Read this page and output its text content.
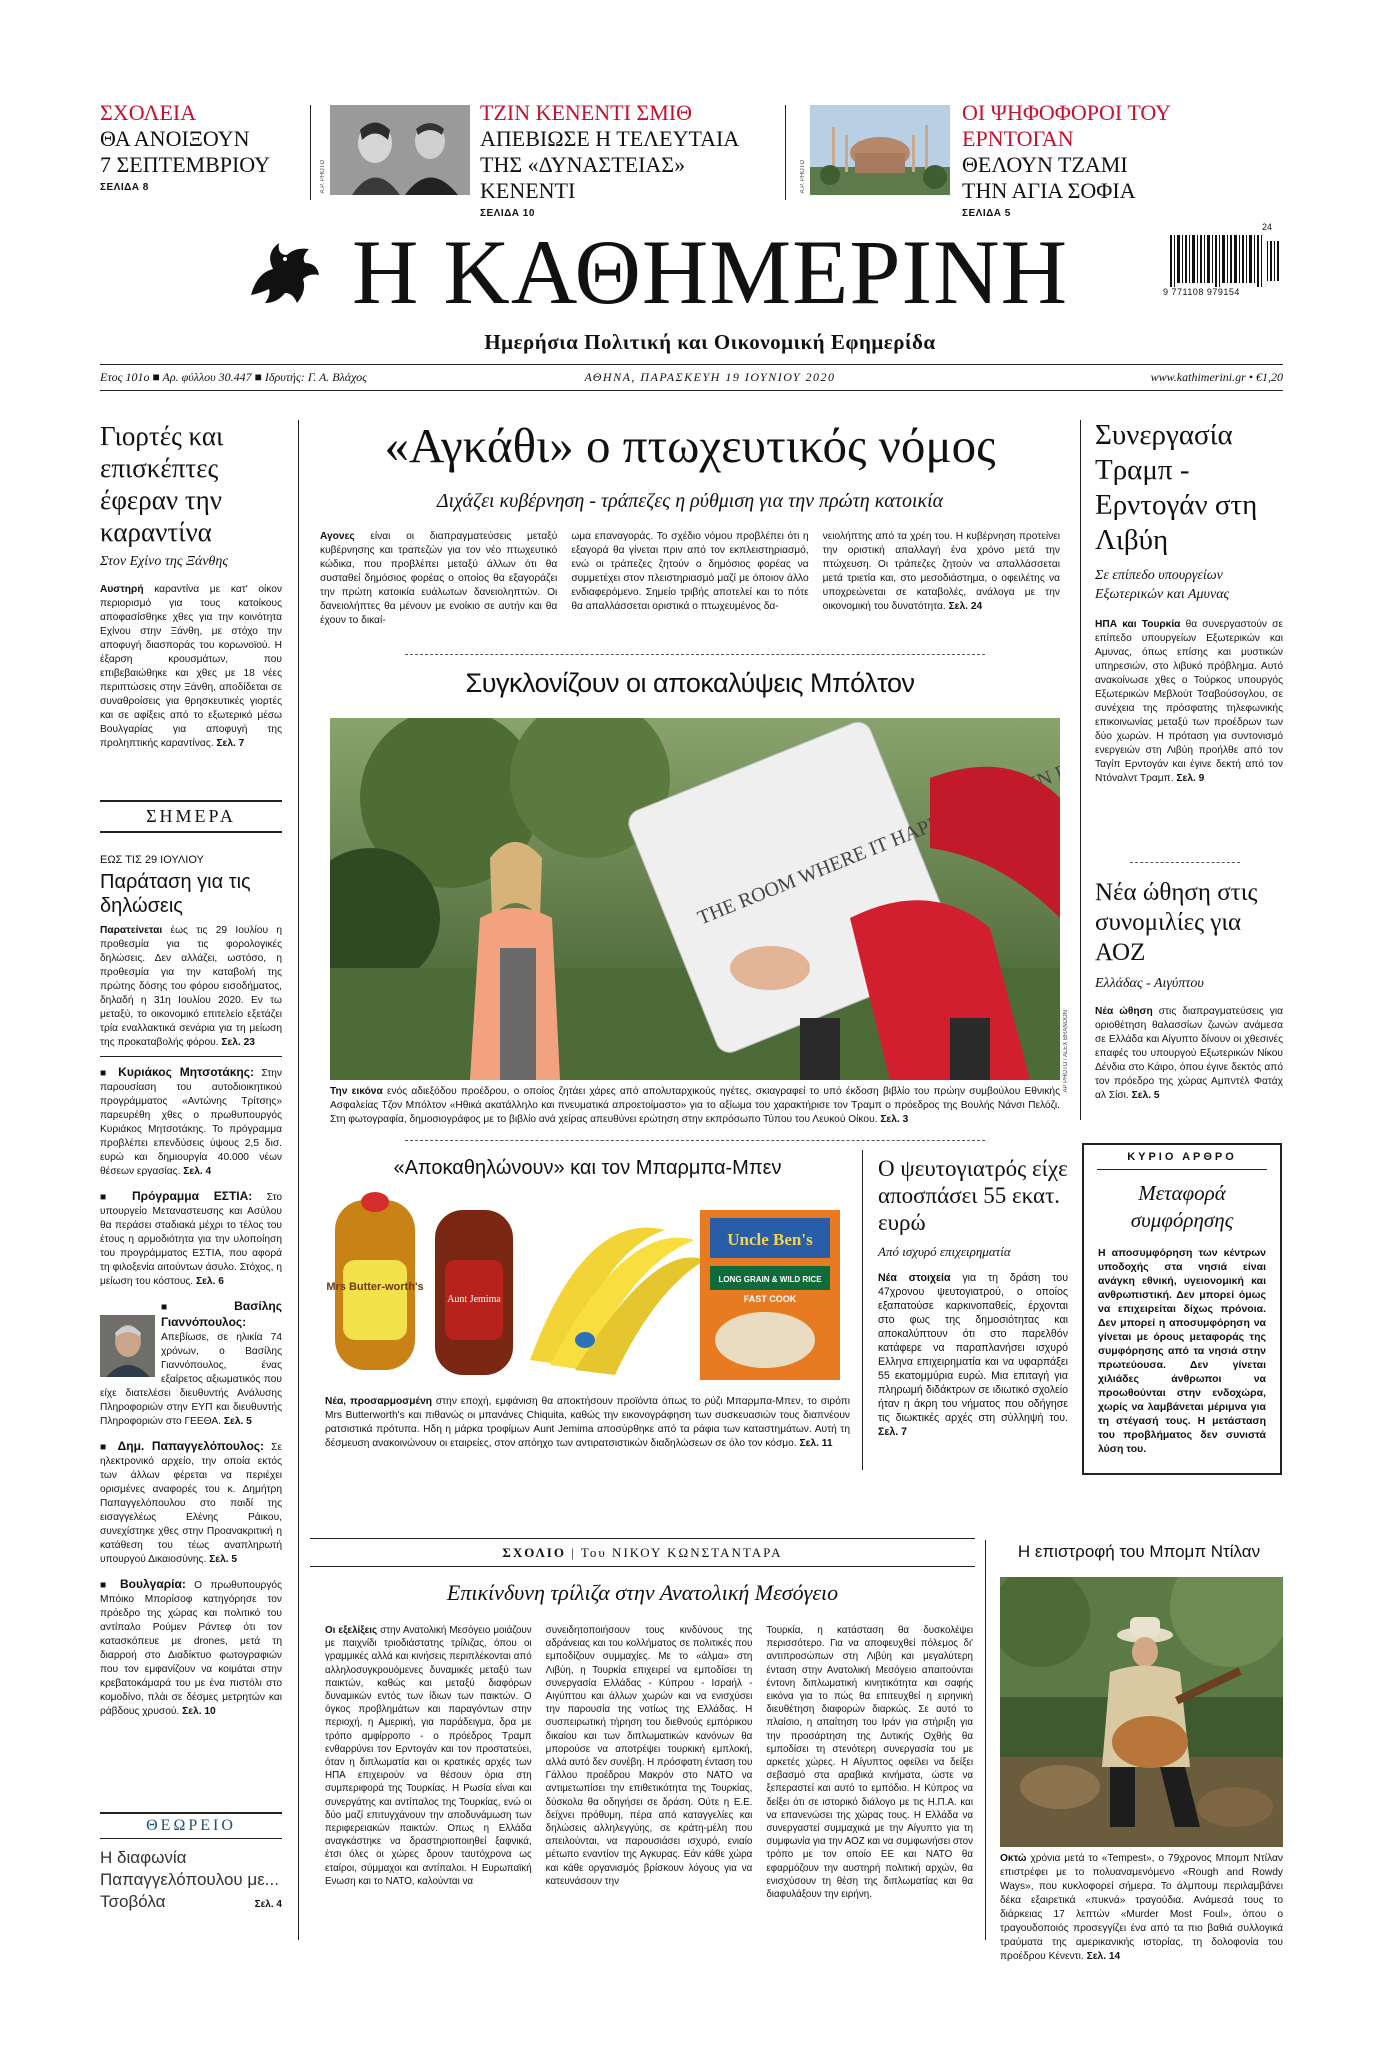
ΣΧΟΛΕΙΑ
ΘΑ ΑΝΟΙΞΟΥΝ
7 ΣΕΠΤΕΜΒΡΙΟΥ
ΣΕΛΙΔΑ 8	A.P. PHOTO
ΤΖΙΝ ΚΕΝΕΝΤΙ ΣΜΙΘ
ΑΠΕΒΙΩΣΕ Η ΤΕΛΕΥΤΑΙΑ
ΤΗΣ «ΔΥΝΑΣΤΕΙΑΣ» ΚΕΝΕΝΤΙ
ΣΕΛΙΔΑ 10
A.P. PHOTO
ΟΙ ΨΗΦΟΦΟΡΟΙ ΤΟΥ ΕΡΝΤΟΓΑΝ
ΘΕΛΟΥΝ ΤΖΑΜΙ
ΤΗΝ ΑΓΙΑ ΣΟΦΙΑ
ΣΕΛΙΔΑ 5
Η ΚΑΘΗΜΕΡΙΝΗ
Ημερήσια Πολιτική και Οικονομική Εφημερίδα
24
9 771108 979154
Ετος 101ο ■ Αρ. φύλλου 30.447 ■ Ιδρυτής: Γ. Α. Βλάχος	ΑΘΗΝΑ, ΠΑΡΑΣΚΕΥΗ 19 ΙΟΥΝΙΟΥ 2020	www.kathimerini.gr • €1,20
Γιορτές και επισκέπτες έφεραν την καραντίνα
Στον Εχίνο της Ξάνθης

Αυστηρή καραντίνα με κατ' οίκον περιορισμό για τους κατοίκους αποφασίσθηκε χθες για την κοινότητα Εχίνου στην Ξάνθη, με στόχο την αποφυγή διασποράς του κορωνοϊού. Η έξαρση κρουσμάτων, που επιβεβαιώθηκε και χθες με 18 νέες περιπτώσεις στην Ξάνθη, αποδίδεται σε συναθροίσεις για θρησκευτικές γιορτές και σε αφίξεις από το εξωτερικό μέσω Βουλγαρίας για αποφυγή της προληπτικής καραντίνας. Σελ. 7

ΣΗΜΕΡΑ
ΕΩΣ ΤΙΣ 29 ΙΟΥΛΙΟΥ
Παράταση για τις δηλώσεις

Παρατείνεται έως τις 29 Ιουλίου η προθεσμία για τις φορολογικές δηλώσεις. Δεν αλλάζει, ωστόσο, η προθεσμία για την καταβολή της πρώτης δόσης του φόρου εισοδήματος, δηλαδή η 31η Ιουλίου 2020. Εν τω μεταξύ, το οικονομικό επιτελείο εξετάζει τρία εναλλακτικά σενάρια για τη μείωση της προκαταβολής φόρου. Σελ. 23

■ Κυριάκος Μητσοτάκης: Στην παρουσίαση του αυτοδιοικητικού προγράμματος «Αντώνης Τρίτσης» παρευρέθη χθες ο πρωθυπουργός Κυριάκος Μητσοτάκης. Το πρόγραμμα προβλέπει επενδύσεις ύψους 2,5 δισ. ευρώ και δημιουργία 40.000 νέων θέσεων εργασίας. Σελ. 4

■ Πρόγραμμα ΕΣΤΙΑ: Στο υπουργείο Μεταναστευσης και Ασύλου θα περάσει σταδιακά μέχρι το τέλος του έτους η αρμοδιότητα για την υλοποίηση του προγράμματος ΕΣΤΙΑ, που αφορά τη φιλοξενία αιτούντων άσυλο. Στόχος, η μείωση του κόστους. Σελ. 6

■ Βασίλης Γιαννόπουλος: Απεβίωσε, σε ηλικία 74 χρόνων, ο Βασίλης Γιαννόπουλος, ένας εξαίρετος αξιωματικός που είχε διατελέσει διευθυντής Ανάλυσης Πληροφοριών στην ΕΥΠ και διευθυντής Πληροφοριών στο ΓΕΕΘΑ. Σελ. 5

■ Δημ. Παπαγγελόπουλος: Σε ηλεκτρονικό αρχείο, την οποία εκτός των άλλων φέρεται να περιέχει ορισμένες αναφορές του κ. Δημήτρη Παπαγγελόπουλου στο παιδί της εισαγγελέως Ελένης Ράικου, συνεχίστηκε χθες στην Προανακριτική η κατάθεση του τέως αναπληρωτή υπουργού Δικαιοσύνης. Σελ. 5

■ Βουλγαρία: Ο πρωθυπουργός Μπόικο Μπορίσοφ κατηγόρησε τον πρόεδρο της χώρας και πολιτικό του αντίπαλο Ρούμεν Ράντεφ ότι τον κατασκόπευε με drones, μετά τη διαρροή στο Διαδίκτυο φωτογραφιών που τον εμφανίζουν να κοιμάται στην κρεβατοκάμαρά του με ένα πιστόλι στο κομοδίνο, πλάι σε δέσμες μετρητών και ράβδους χρυσού. Σελ. 10

ΘΕΩΡΕΙΟ
Η διαφωνία Παπαγγελόπουλου με... Τσοβόλα	Σελ. 4
«Αγκάθι» ο πτωχευτικός νόμος
Διχάζει κυβέρνηση - τράπεζες η ρύθμιση για την πρώτη κατοικία

Αγονες είναι οι διαπραγματεύσεις μεταξύ κυβέρνησης και τραπεζών για τον νέο πτωχευτικό κώδικα, που προβλέπει μεταξύ άλλων ότι θα συσταθεί δημόσιος φορέας ο οποίος θα εξαγοράζει την πρώτη κατοικία ευάλωτων δανειοληπτών. Οι δανειολήπτες θα μένουν με ενοίκιο σε αυτήν και θα έχουν το δικαί-

ωμα επαναγοράς. Το σχέδιο νόμου προβλέπει ότι η εξαγορά θα γίνεται πριν από τον εκπλειστηριασμό, ενώ οι τράπεζες ζητούν ο δημόσιος φορέας να συμμετέχει στον πλειστηριασμό μαζί με όποιον άλλο ενδιαφερόμενο. Σημείο τριβής αποτελεί και το πότε θα απαλλάσσεται οριστικά ο πτωχευμένος δα-

νειολήπτης από τα χρέη του. Η κυβέρνηση προτείνει την οριστική απαλλαγή ένα χρόνο μετά την πτώχευση. Οι τράπεζες ζητούν να απαλλάσσεται μετά τριετία και, στο μεσοδιάστημα, ο οφειλέτης να υποχρεώνεται σε καταβολές, ανάλογα με την οικονομική του δυνατότητα. Σελ. 24

Συγκλονίζουν οι αποκαλύψεις Μπόλτον
THE ROOM WHERE IT
AP PHOTO / ALEX BRANDON

Την εικόνα ενός αδιεξόδου προέδρου, ο οποίος ζητάει χάρες από απολυταρχικούς ηγέτες, σκιαγραφεί το υπό έκδοση βιβλίο του πρώην συμβούλου Εθνικής Ασφαλείας Τζον Μπόλτον «Ηθικά ακατάλληλο και πνευματικά απροετοίμαστο» για το αξίωμα του χαρακτήρισε τον Τραμπ ο πρόεδρος της Βουλής Νάνσι Πελόζι. Στη φωτογραφία, δημοσιογράφος με το βιβλίο ανά χείρας απευθύνει ερώτηση στην εκπρόσωπο Τύπου του Λευκού Οίκου. Σελ. 3

«Αποκαθηλώνουν» και τον Μπαρμπα-Μπεν
Mrs Butter-worth's
Aunt Jemima
Uncle Ben's
LONG GRAIN & WILD RICE
FAST COOK

Νέα, προσαρμοσμένη στην εποχή, εμφάνιση θα αποκτήσουν προϊόντα όπως το ρύζι Μπαρμπα-Μπεν, το σιρόπι Mrs Butterworth's και πιθανώς οι μπανάνες Chiquita, καθώς την εικονογράφηση των συσκευασιών τους διαπνέουν ρατσιστικά πρότυπα. Ηδη η μάρκα τροφίμων Aunt Jemima αποσύρθηκε από τα ράφια των καταστημάτων. Αυτή τη δέσμευση ανακοινώνουν οι εταιρείες, στον απόηχο των αντιρατσιστικών διαδηλώσεων σε όλο τον κόσμο. Σελ. 11

Ο ψευτογιατρός είχε αποσπάσει 55 εκατ. ευρώ
Από ισχυρό επιχειρηματία

Νέα στοιχεία για τη δράση του 47χρονου ψευτογιατρού, ο οποίος εξαπατούσε καρκινοπαθείς, έρχονται στο φως της δημοσιότητας και αποκαλύπτουν ότι στο παρελθόν κατάφερε να παραπλανήσει ισχυρό Ελληνα επιχειρηματία και να υφαρπάξει 55 εκατομμύρια ευρώ. Μια επιταγή για πληρωμή διδάκτρων σε ιδιωτικό σχολείο ήταν η άκρη του νήματος που οδήγησε τις διωκτικές αρχές στη σύλληψή του. Σελ. 7

Συνεργασία Τραμπ - Ερντογάν στη Λιβύη
Σε επίπεδο υπουργείων Εξωτερικών και Αμυνας

ΗΠΑ και Τουρκία θα συνεργαστούν σε επίπεδο υπουργείων Εξωτερικών και Αμυνας, όπως επίσης και μυστικών υπηρεσιών, στο λιβυκό πρόβλημα. Αυτό ανακοίνωσε χθες ο Τούρκος υπουργός Εξωτερικών Μεβλούτ Τσαβούσογλου, σε συνέχεια της πρόσφατης τηλεφωνικής επικοινωνίας μεταξύ των προέδρων των δύο χωρών. Η πρόταση για συντονισμό ενεργειών στη Λιβύη προήλθε από τον Ταγίπ Ερντογάν και έγινε δεκτή από τον Ντόναλντ Τραμπ. Σελ. 9

Νέα ώθηση στις συνομιλίες για ΑΟΖ
Ελλάδας - Αιγύπτου

Νέα ώθηση στις διαπραγματεύσεις για οριοθέτηση θαλασσίων ζωνών ανάμεσα σε Ελλάδα και Αίγυπτο δίνουν οι χθεσινές επαφές του υπουργού Εξωτερικών Νίκου Δένδια στο Κάιρο, όπου έγινε δεκτός από τον πρόεδρο της χώρας Αμπντέλ Φατάχ αλ Σίσι. Σελ. 5

ΚΥΡΙΟ ΑΡΘΡΟ
Μεταφορά συμφόρησης

Η αποσυμφόρηση των κέντρων υποδοχής στα νησιά είναι ανάγκη εθνική, υγειονομική και ανθρωπιστική. Δεν μπορεί όμως να επιχειρείται δίχως πρόνοια. Δεν μπορεί η αποσυμφόρηση να γίνεται με όρους μεταφοράς της συμφόρησης από τα νησιά στην πρωτεύουσα. Δεν γίνεται χιλιάδες άνθρωποι να προωθούνται στην ενδοχώρα, χωρίς να λαμβάνεται μέριμνα για τη στέγασή τους. Η μετάσταση του προβλήματος δεν συνιστά λύση του.

Η επιστροφή του Μπομπ Ντίλαν

Οκτώ χρόνια μετά το «Tempest», ο 79χρονος Μπομπ Ντίλαν επιστρέφει με το πολυαναμενόμενο «Rough and Rowdy Ways», που κυκλοφορεί σήμερα. Το άλμπουμ περιλαμβάνει δέκα εξαιρετικά «πυκνά» τραγούδια. Ανάμεσά τους το διάρκειας 17 λεπτών «Murder Most Foul», όπου ο τραγουδοποιός προσεγγίζει ένα από τα πιο βαθιά συλλογικά τραύματα της αμερικανικής ιστορίας, τη δολοφονία του προέδρου Κένεντι. Σελ. 14

ΣΧΟΛΙΟ | Του ΝΙΚΟΥ ΚΩΝΣΤΑΝΤΑΡΑ
Επικίνδυνη τρίλιζα στην Ανατολική Μεσόγειο

Οι εξελίξεις στην Ανατολική Μεσόγειο μοιάζουν με παιχνίδι τριοδιάστατης τρίλιζας, όπου οι γραμμικές αλλά και κινήσεις περιπλέκονται από αλληλοσυγκρουόμενες δυναμικές μεταξύ των παικτών, καθώς και μεταξύ διαφόρων δυναμικών εντός των ίδιων των παικτών. Ο όγκος προβλημάτων και παραγόντων στην περιοχή, η Αμερική, για παράδειγμα, δρα με τρόπο αμφίρροπο - ο πρόεδρος Τραμπ ενθαρρύνει τον Ερντογάν και τον προστατεύει, όταν η διπλωματία και οι κρατικές αρχές των ΗΠΑ επιχειρούν να θέσουν όρια στη συμπεριφορά της Τουρκίας. Η Ρωσία είναι και συνεργάτης και αντίπαλος της Τουρκίας, ενώ οι δύο μαζί επιτυγχάνουν την αποδυνάμωση των περιφερειακών παικτών. Οπως η Ελλάδα αναγκάστηκε να δραστηριοποιηθεί ξαφνικά, έτσι όλες οι χώρες δρουν ταυτόχρονα ως εταίροι, σύμμαχοι και αντίπαλοι. Η Ευρωπαϊκή Ενωση και το ΝΑΤΟ, καλούνται να

συνειδητοποιήσουν τους κινδύνους της αδράνειας και του κολλήματος σε πολιτικές που εμποδίζουν συμμαχίες. Με το «άλμα» στη Λιβύη, η Τουρκία επιχειρεί να εμποδίσει τη συνεργασία Ελλάδας - Κύπρου - Ισραήλ - Αιγύπτου και άλλων χωρών και να ενισχύσει την παρουσία της νοτίως της Ελλάδας. Η συσπειρωτική τήρηση του διεθνούς εμπόρικου δικαίου και των διπλωματικών κανόνων θα μπορούσε να αποτρέψει τουρκική εμπλοκή, αλλά αυτό δεν συνέβη. Η πρόσφατη ένταση του Γάλλου προέδρου Μακρόν στο ΝΑΤΟ να αντιμετωπίσει την επιθετικότητα της Τουρκίας, δύσκολα θα οδηγήσει σε δράση. Ούτε η Ε.Ε. δείχνει πρόθυμη, πέρα από καταγγελίες και δηλώσεις αλληλεγγύης, σε κράτη-μέλη που απειλούνται, να παρουσιάσει ισχυρό, ενιαίο μέτωπο εναντίον της Αγκυρας. Εάν κάθε χώρα και κάθε οργανισμός βρίσκουν λόγους για να κατευνάσουν την

Τουρκία, η κατάσταση θα δυσκολέψει περισσότερο. Για να αποφευχθεί πόλεμος δι' αντιπροσώπων στη Λιβύη και μεγαλύτερη ένταση στην Ανατολική Μεσόγειο απαιτούνται έντονη διπλωματική κινητικότητα και σαφής εικόνα για το πώς θα επιτευχθεί η ειρηνική διευθέτηση διαφορών διαρκώς. Σε αυτό το πλαίσιο, η απαίτηση του Ιράν για στήριξη για την προσάρτηση της Δυτικής Οχθής θα εμποδίσει τη στενότερη συνεργασία του με αρκετές χώρες. Η Αίγυπτος οφείλει να δείξει σεβασμό στα αραβικά κινήματα, ώστε να ξεπεραστεί και αυτό το εμπόδιο. Η Κύπρος να δείξει ότι σε ιστορικό διάλογο με τις Η.Π.Α. και να επανενώσει της χώρας τους. Η Ελλάδα να συνεργαστεί συμμαχικά με την Αίγυπτο για τη συμφωνία για την ΑΟΖ και να συμφωνήσει στον τρόπο με τον οποίο ΕΕ και ΝΑΤΟ θα εφαρμόζουν την αυστηρή πολιτική αρχών, θα ενισχύσουν τη θέση της διπλωματίας και θα διαφυλάξουν την ειρήνη.
